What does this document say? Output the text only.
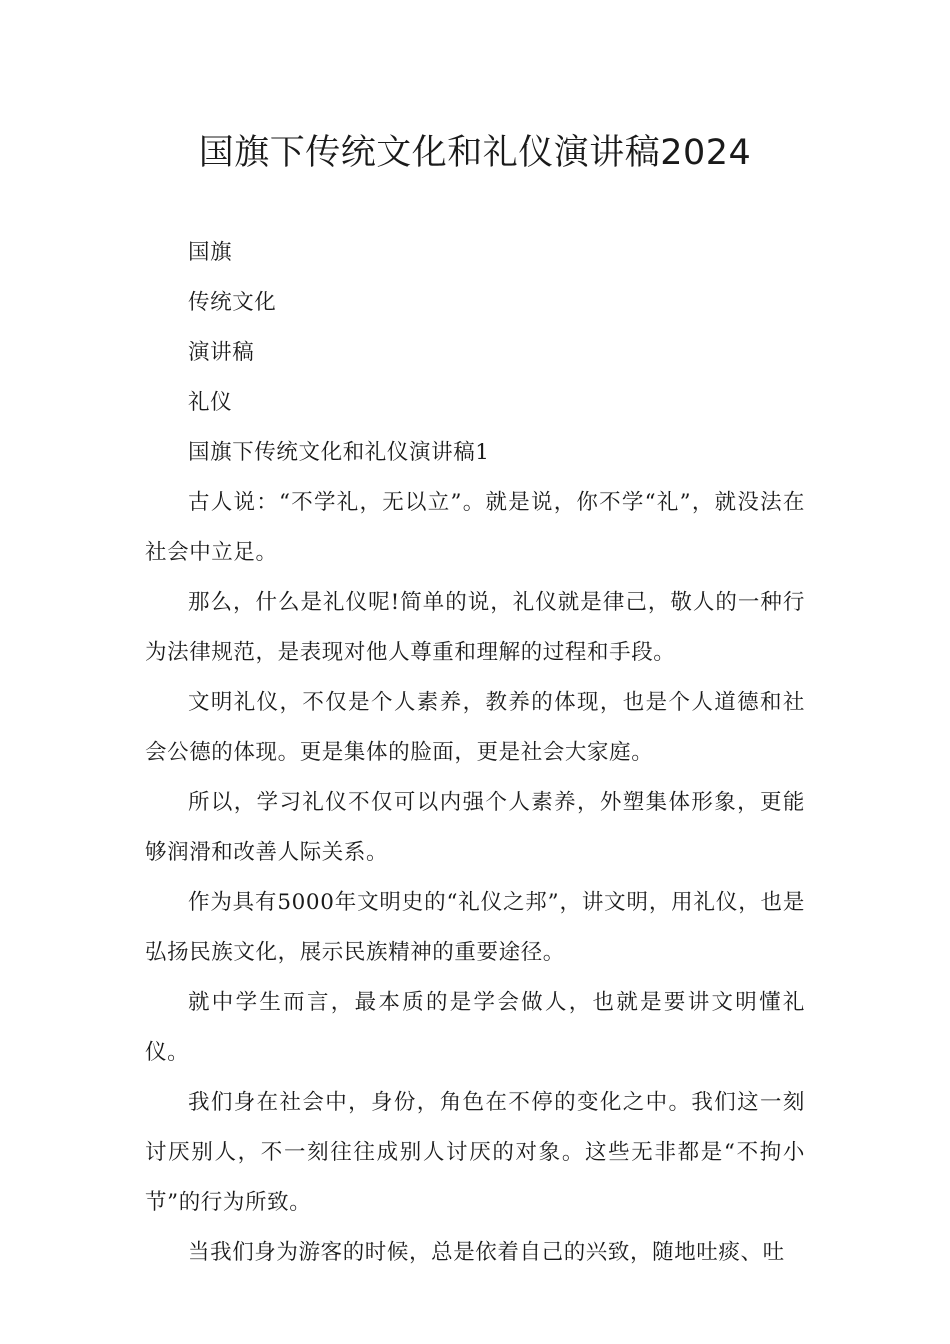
国旗下传统文化和礼仪演讲稿2024

国旗

传统文化

演讲稿

礼仪

国旗下传统文化和礼仪演讲稿1

古人说：“不学礼，无以立”。就是说，你不学“礼”，就没法在社会中立足。

那么，什么是礼仪呢!简单的说，礼仪就是律己，敬人的一种行为法律规范，是表现对他人尊重和理解的过程和手段。

文明礼仪，不仅是个人素养，教养的体现，也是个人道德和社会公德的体现。更是集体的脸面，更是社会大家庭。

所以，学习礼仪不仅可以内强个人素养，外塑集体形象，更能够润滑和改善人际关系。

作为具有5000年文明史的“礼仪之邦”，讲文明，用礼仪，也是弘扬民族文化，展示民族精神的重要途径。

就中学生而言，最本质的是学会做人，也就是要讲文明懂礼仪。

我们身在社会中，身份，角色在不停的变化之中。我们这一刻讨厌别人，不一刻往往成别人讨厌的对象。这些无非都是“不拘小节”的行为所致。

当我们身为游客的时候，总是依着自己的兴致，随地吐痰、吐
